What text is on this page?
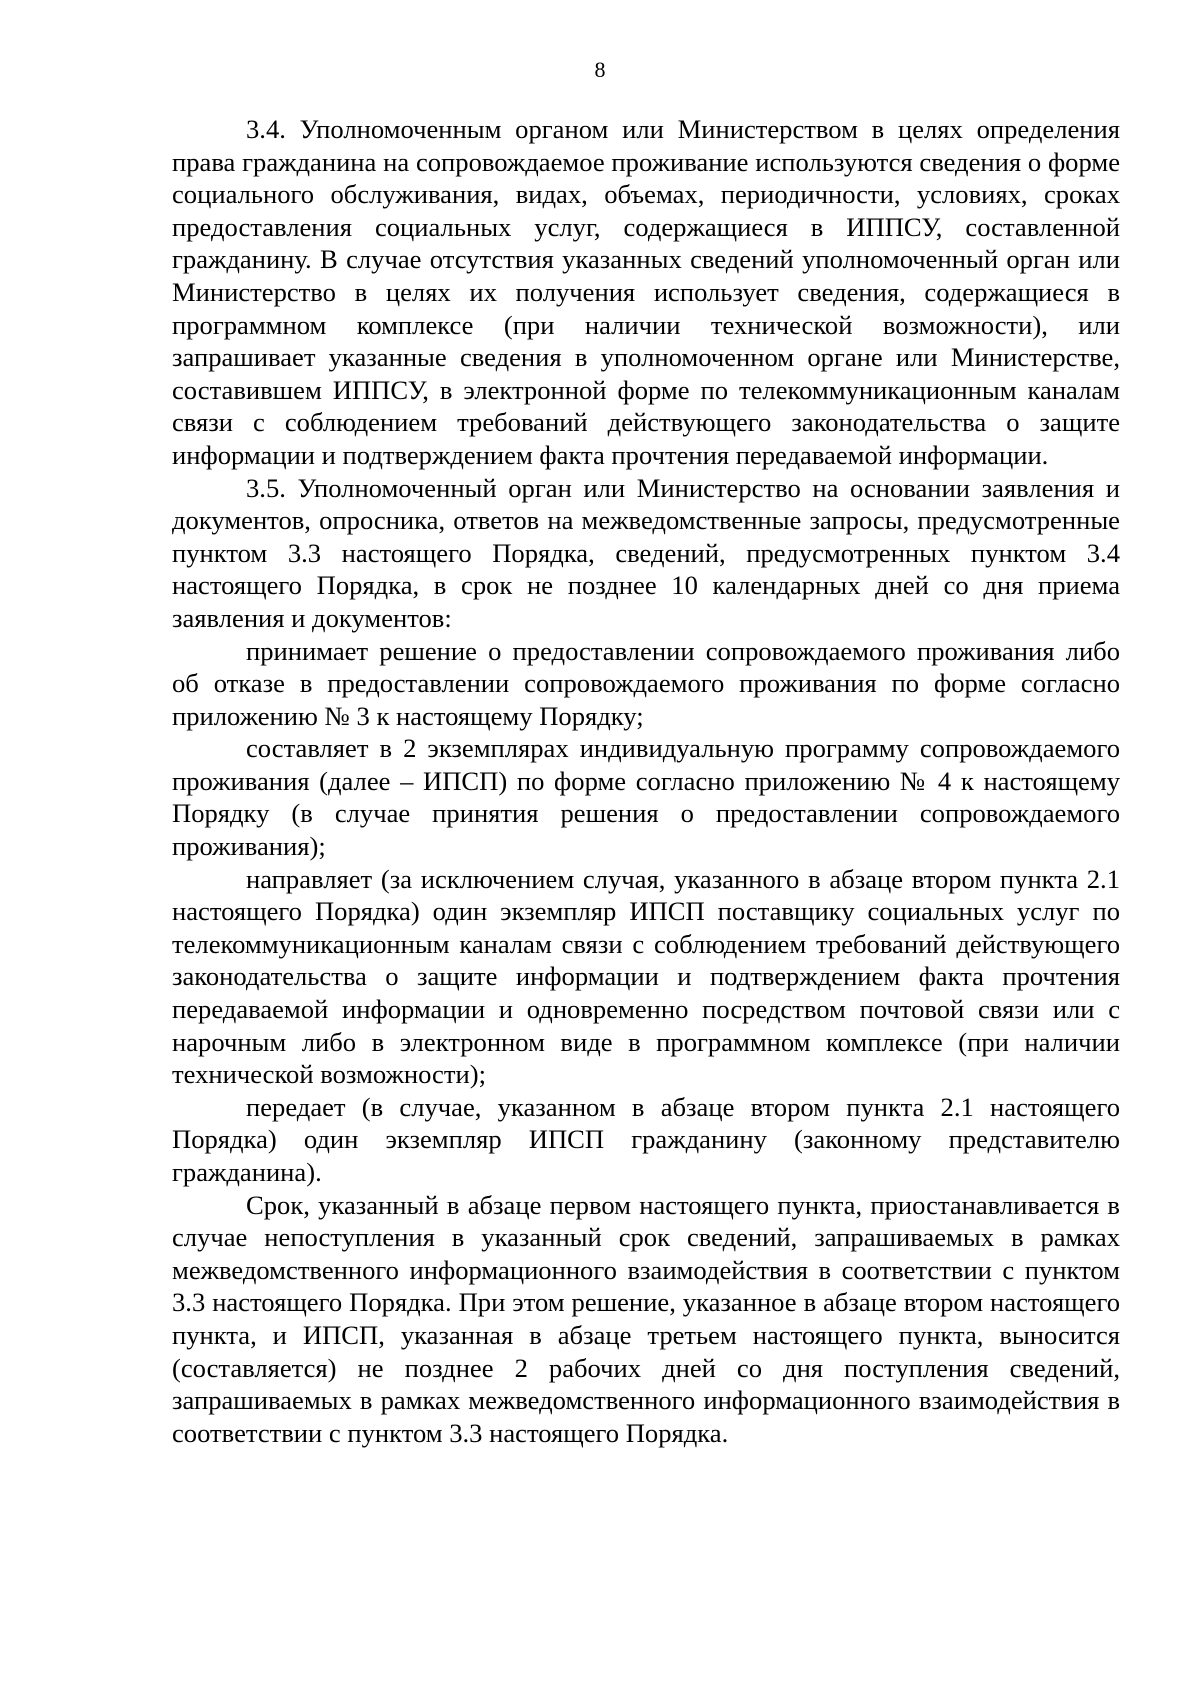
8

3.4. Уполномоченным органом или Министерством в целях определения права гражданина на сопровождаемое проживание используются сведения о форме социального обслуживания, видах, объемах, периодичности, условиях, сроках предоставления социальных услуг, содержащиеся в ИППСУ, составленной гражданину. В случае отсутствия указанных сведений уполномоченный орган или Министерство в целях их получения использует сведения, содержащиеся в программном комплексе (при наличии технической возможности), или запрашивает указанные сведения в уполномоченном органе или Министерстве, составившем ИППСУ, в электронной форме по телекоммуникационным каналам связи с соблюдением требований действующего законодательства о защите информации и подтверждением факта прочтения передаваемой информации.

3.5. Уполномоченный орган или Министерство на основании заявления и документов, опросника, ответов на межведомственные запросы, предусмотренные пунктом 3.3 настоящего Порядка, сведений, предусмотренных пунктом 3.4 настоящего Порядка, в срок не позднее 10 календарных дней со дня приема заявления и документов:

принимает решение о предоставлении сопровождаемого проживания либо об отказе в предоставлении сопровождаемого проживания по форме согласно приложению № 3 к настоящему Порядку;

составляет в 2 экземплярах индивидуальную программу сопровождаемого проживания (далее – ИПСП) по форме согласно приложению № 4 к настоящему Порядку (в случае принятия решения о предоставлении сопровождаемого проживания);

направляет (за исключением случая, указанного в абзаце втором пункта 2.1 настоящего Порядка) один экземпляр ИПСП поставщику социальных услуг по телекоммуникационным каналам связи с соблюдением требований действующего законодательства о защите информации и подтверждением факта прочтения передаваемой информации и одновременно посредством почтовой связи или с нарочным либо в электронном виде в программном комплексе (при наличии технической возможности);

передает (в случае, указанном в абзаце втором пункта 2.1 настоящего Порядка) один экземпляр ИПСП гражданину (законному представителю гражданина).

Срок, указанный в абзаце первом настоящего пункта, приостанавливается в случае непоступления в указанный срок сведений, запрашиваемых в рамках межведомственного информационного взаимодействия в соответствии с пунктом 3.3 настоящего Порядка. При этом решение, указанное в абзаце втором настоящего пункта, и ИПСП, указанная в абзаце третьем настоящего пункта, выносится (составляется) не позднее 2 рабочих дней со дня поступления сведений, запрашиваемых в рамках межведомственного информационного взаимодействия в соответствии с пунктом 3.3 настоящего Порядка.
